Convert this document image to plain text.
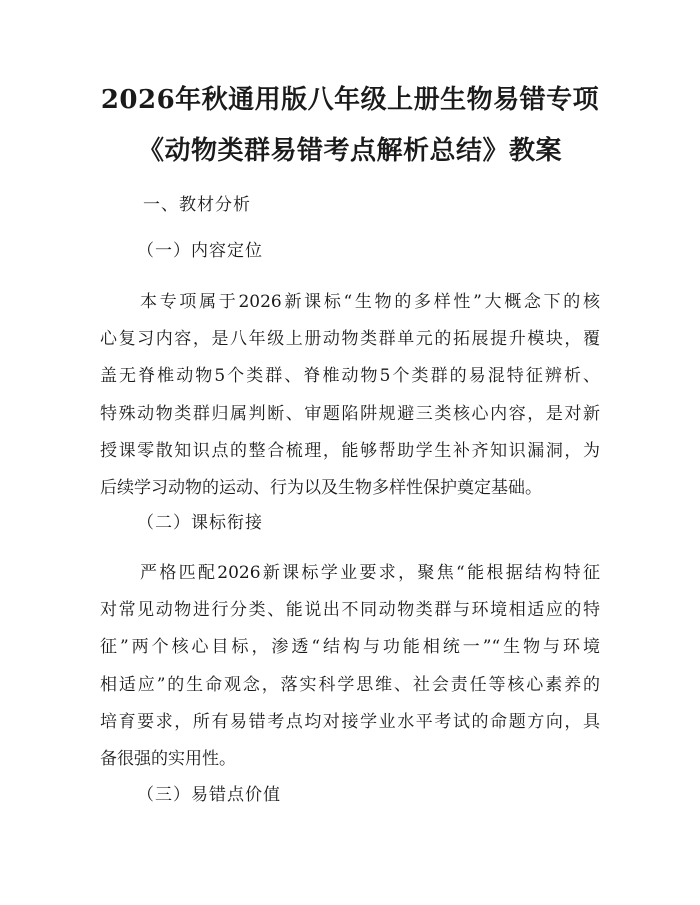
2026年秋通用版八年级上册生物易错专项
《动物类群易错考点解析总结》教案
一、教材分析
（一）内容定位
本专项属于2026新课标“生物的多样性”大概念下的核
心复习内容，是八年级上册动物类群单元的拓展提升模块，覆
盖无脊椎动物5个类群、脊椎动物5个类群的易混特征辨析、
特殊动物类群归属判断、审题陷阱规避三类核心内容，是对新
授课零散知识点的整合梳理，能够帮助学生补齐知识漏洞，为
后续学习动物的运动、行为以及生物多样性保护奠定基础。
（二）课标衔接
严格匹配2026新课标学业要求，聚焦“能根据结构特征
对常见动物进行分类、能说出不同动物类群与环境相适应的特
征”两个核心目标，渗透“结构与功能相统一”“生物与环境
相适应”的生命观念，落实科学思维、社会责任等核心素养的
培育要求，所有易错考点均对接学业水平考试的命题方向，具
备很强的实用性。
（三）易错点价值
